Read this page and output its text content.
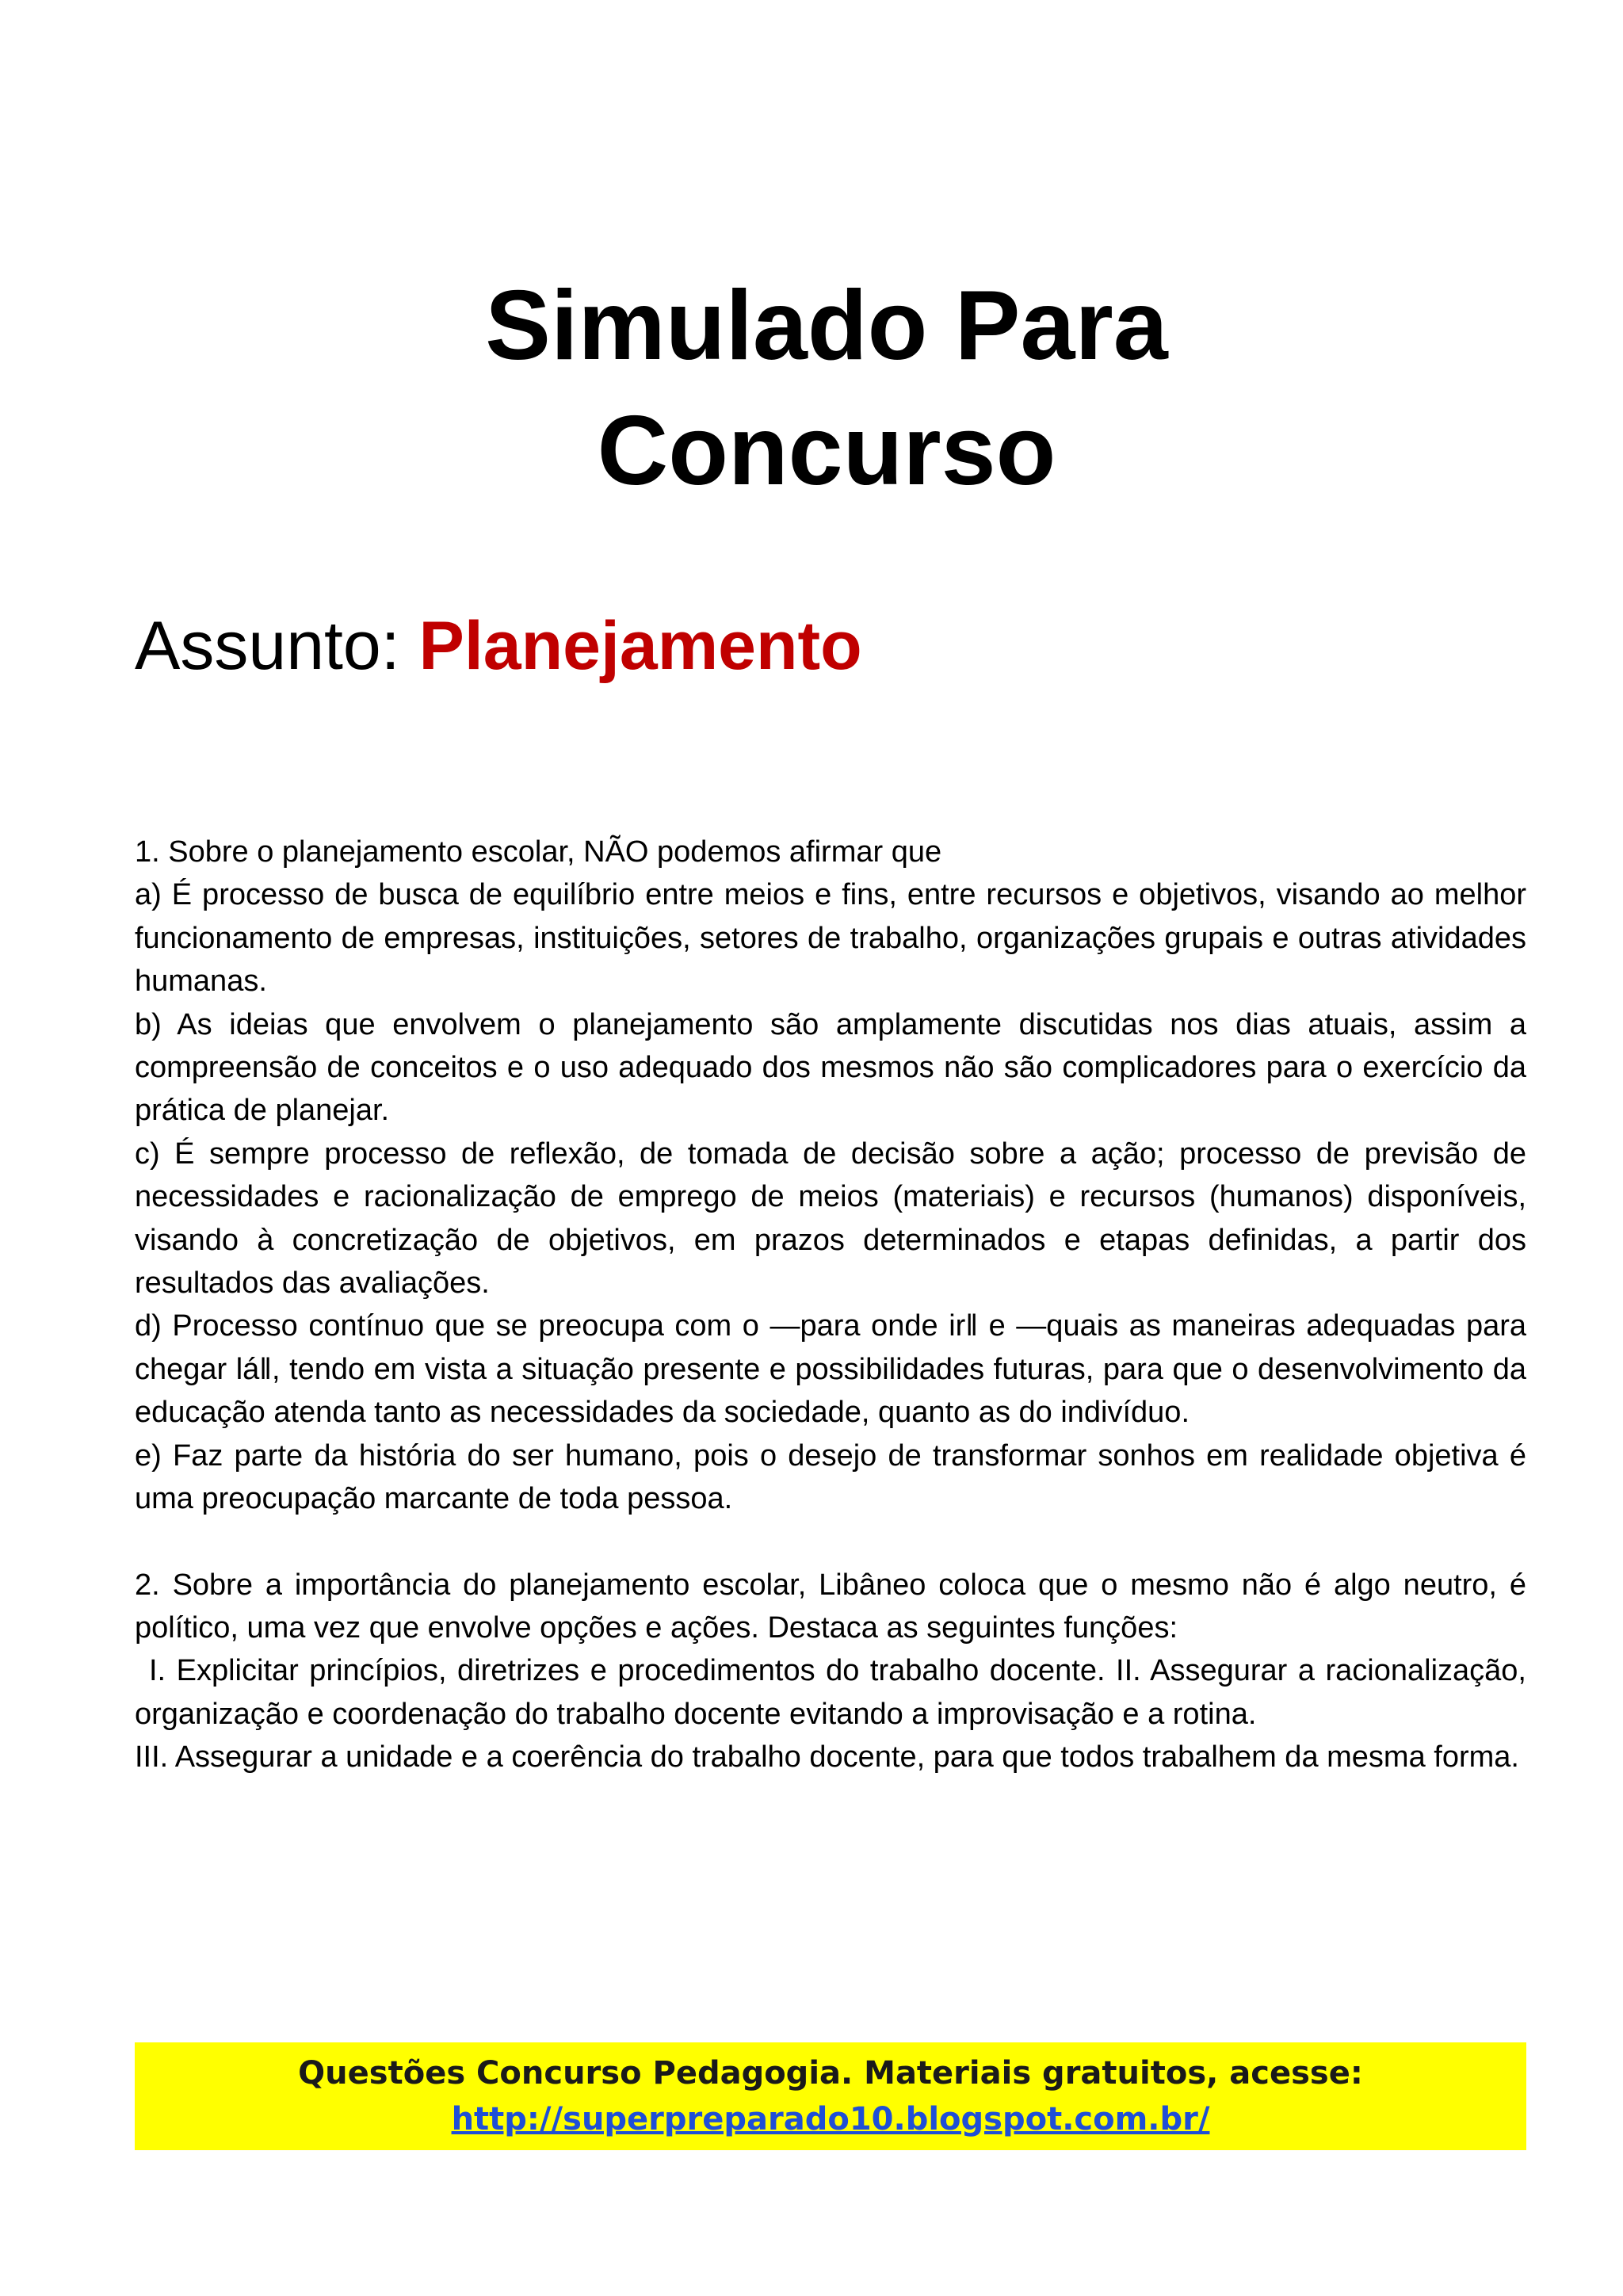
Simulado Para
Concurso
Assunto: Planejamento

1. Sobre o planejamento escolar, NÃO podemos afirmar que

a) É processo de busca de equilíbrio entre meios e fins, entre recursos e objetivos, visando ao melhor funcionamento de empresas, instituições, setores de trabalho, organizações grupais e outras atividades humanas.

b) As ideias que envolvem o planejamento são amplamente discutidas nos dias atuais, assim a compreensão de conceitos e o uso adequado dos mesmos não são complicadores para o exercício da prática de planejar.

c) É sempre processo de reflexão, de tomada de decisão sobre a ação; processo de previsão de necessidades e racionalização de emprego de meios (materiais) e recursos (humanos) disponíveis, visando à concretização de objetivos, em prazos determinados e etapas definidas, a partir dos resultados das avaliações.

d) Processo contínuo que se preocupa com o ―para onde ir‖ e ―quais as maneiras adequadas para chegar lá‖, tendo em vista a situação presente e possibilidades futuras, para que o desenvolvimento da educação atenda tanto as necessidades da sociedade, quanto as do indivíduo.

e) Faz parte da história do ser humano, pois o desejo de transformar sonhos em realidade objetiva é uma preocupação marcante de toda pessoa.

2. Sobre a importância do planejamento escolar, Libâneo coloca que o mesmo não é algo neutro, é político, uma vez que envolve opções e ações. Destaca as seguintes funções:

I. Explicitar princípios, diretrizes e procedimentos do trabalho docente. II. Assegurar a racionalização, organização e coordenação do trabalho docente evitando a improvisação e a rotina.

III. Assegurar a unidade e a coerência do trabalho docente, para que todos trabalhem da mesma forma.

Questões Concurso Pedagogia. Materiais gratuitos, acesse:
http://superpreparado10.blogspot.com.br/
